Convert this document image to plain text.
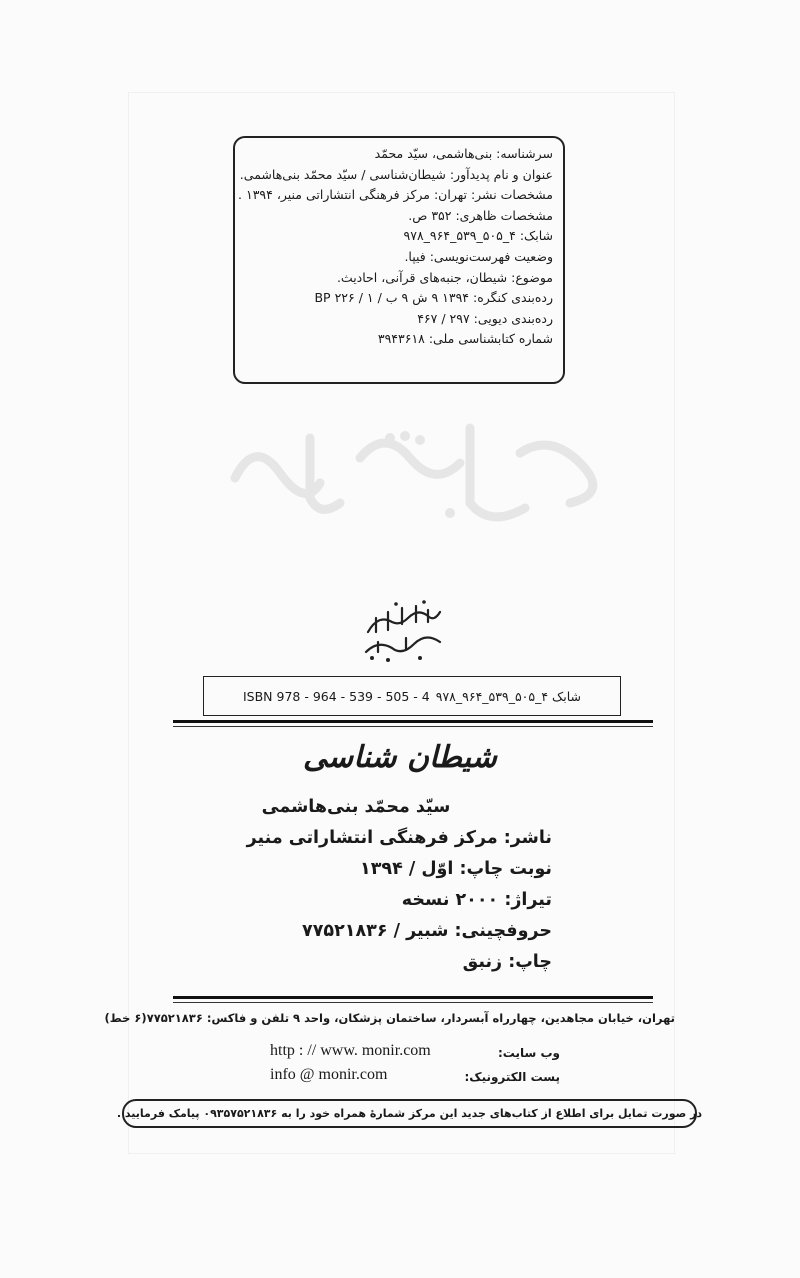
سرشناسه: بنی‌هاشمی، سیّد محمّد
عنوان و نام پدیدآور: شیطان‌شناسی / سیّد محمّد بنی‌هاشمی.
مشخصات نشر: تهران: مرکز فرهنگی انتشاراتی منیر، ۱۳۹۴ .
مشخصات ظاهری: ۳۵۲ ص.
شابک: ۴_۵۰۵_۵۳۹_۹۶۴_۹۷۸
وضعیت فهرست‌نویسی: فیپا.
موضوع: شیطان، جنبه‌های قرآنی، احادیث.
رده‌بندی کنگره: ۱۳۹۴ ۹ ش ۹ ب / ۱ / BP ۲۲۶
رده‌بندی دیویی: ۲۹۷ / ۴۶۷
شماره کتابشناسی ملی: ۳۹۴۳۶۱۸
ISBN 978 - 964 - 539 - 505 - 4 شابک ۴_۵۰۵_۵۳۹_۹۶۴_۹۷۸
شیطان شناسی
سیّد محمّد بنی‌هاشمی
ناشر: مرکز فرهنگی انتشاراتی منیر
نوبت چاپ: اوّل / ۱۳۹۴
تیراژ: ۲۰۰۰ نسخه
حروفچینی: شبیر / ۷۷۵۲۱۸۳۶
چاپ: زنبق
تهران، خیابان مجاهدین، چهارراه آبسردار، ساختمان پزشکان، واحد ۹ تلفن و فاکس: ۷۷۵۲۱۸۳۶(۶ خط)
http : // www. monir.com	وب سایت:
info @ monir.com	پست الکترونیک:
در صورت تمایل برای اطلاع از کتاب‌های جدید این مرکز شمارهٔ همراه خود را به ۰۹۳۵۷۵۲۱۸۳۶ پیامک فرمایید .
